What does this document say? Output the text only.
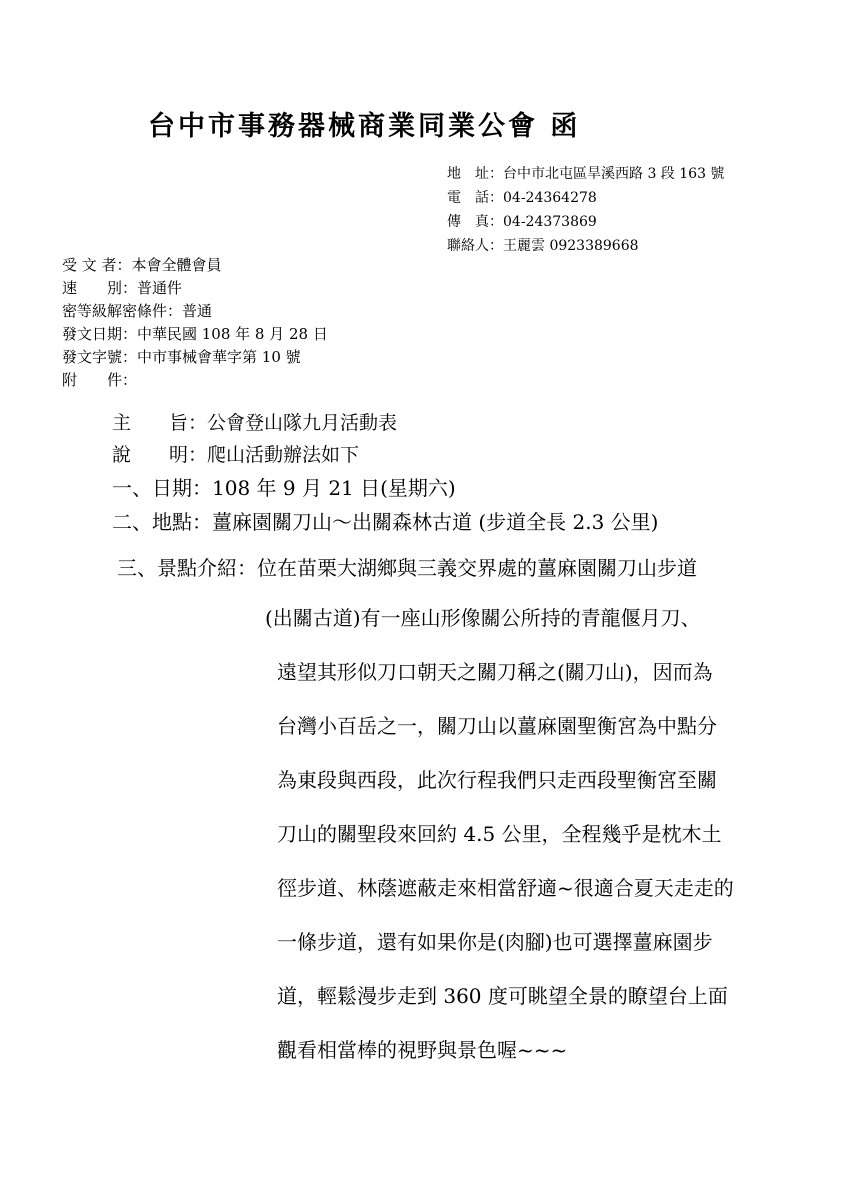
台中市事務器械商業同業公會 函
地　址：台中市北屯區旱溪西路 3 段 163 號
電　話：04-24364278
傳　真：04-24373869
聯絡人：王麗雲 0923389668
受 文 者：本會全體會員
速　　別：普通件
密等級解密條件：普通
發文日期：中華民國 108 年 8 月 28 日
發文字號：中市事械會華字第 10 號
附　　件：
主　　旨：公會登山隊九月活動表
說　　明：爬山活動辦法如下
一、日期：108 年 9 月 21 日(星期六)
二、地點：薑麻園關刀山～出關森林古道 (步道全長 2.3 公里)
三、景點介紹：位在苗栗大湖鄉與三義交界處的薑麻園關刀山步道
(出關古道)有一座山形像關公所持的青龍偃月刀、
遠望其形似刀口朝天之關刀稱之(關刀山)，因而為
台灣小百岳之一，關刀山以薑麻園聖衡宮為中點分
為東段與西段，此次行程我們只走西段聖衡宮至關
刀山的關聖段來回約 4.5 公里，全程幾乎是枕木土
徑步道、林蔭遮蔽走來相當舒適~很適合夏天走走的
一條步道，還有如果你是(肉腳)也可選擇薑麻園步
道，輕鬆漫步走到 360 度可眺望全景的瞭望台上面
觀看相當棒的視野與景色喔~~~
